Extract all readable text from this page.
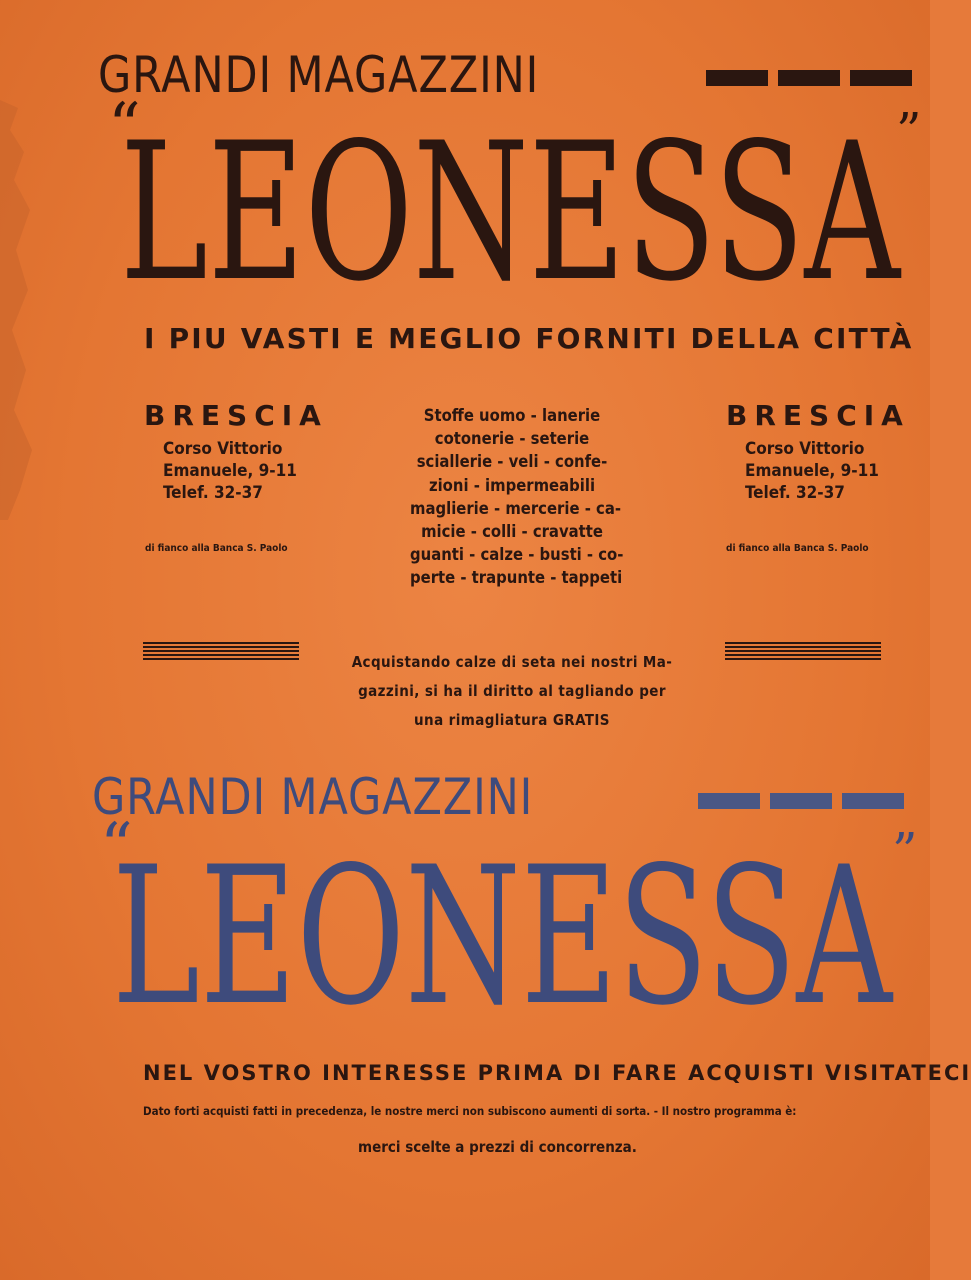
GRANDI MAGAZZINI
“	”
LEONESSA
I PIU VASTI E MEGLIO FORNITI DELLA CITTÀ
BRESCIA
Corso Vittorio
Emanuele, 9-11
Telef. 32-37
di fianco alla Banca S. Paolo
Stoffe uomo - lanerie
cotonerie - seterie
sciallerie - veli - confe-
zioni - impermeabili
maglierie - mercerie - ca-
micie - colli - cravatte
guanti - calze - busti - co-
perte - trapunte - tappeti
BRESCIA
Corso Vittorio
Emanuele, 9-11
Telef. 32-37
di fianco alla Banca S. Paolo
Acquistando calze di seta nei nostri Ma-
gazzini, si ha il diritto al tagliando per
una rimagliatura GRATIS
GRANDI MAGAZZINI
“	”
LEONESSA
NEL VOSTRO INTERESSE PRIMA DI FARE ACQUISTI VISITATECI
Dato forti acquisti fatti in precedenza, le nostre merci non subiscono aumenti di sorta. - Il nostro programma è:
merci scelte a prezzi di concorrenza.
